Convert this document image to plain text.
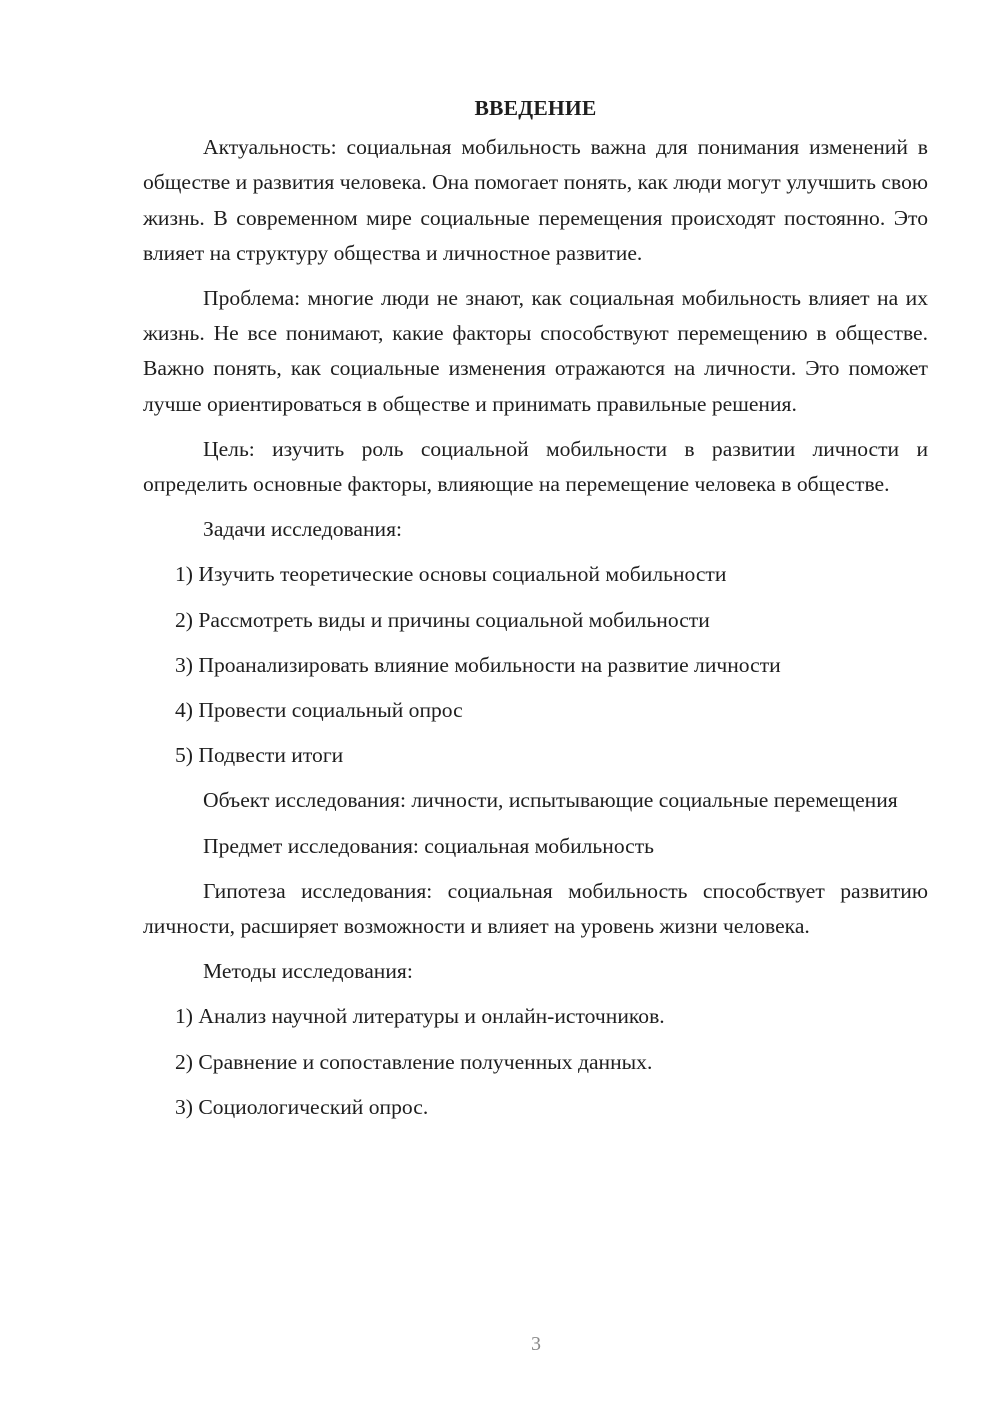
ВВЕДЕНИЕ

Актуальность: социальная мобильность важна для понимания изменений в обществе и развития человека. Она помогает понять, как люди могут улучшить свою жизнь. В современном мире социальные перемещения происходят постоянно. Это влияет на структуру общества и личностное развитие.

Проблема: многие люди не знают, как социальная мобильность влияет на их жизнь. Не все понимают, какие факторы способствуют перемещению в обществе. Важно понять, как социальные изменения отражаются на личности. Это поможет лучше ориентироваться в обществе и принимать правильные решения.

Цель: изучить роль социальной мобильности в развитии личности и определить основные факторы, влияющие на перемещение человека в обществе.

Задачи исследования:

1) Изучить теоретические основы социальной мобильности
2) Рассмотреть виды и причины социальной мобильности
3) Проанализировать влияние мобильности на развитие личности
4) Провести социальный опрос
5) Подвести итоги

Объект исследования: личности, испытывающие социальные перемещения

Предмет исследования: социальная мобильность

Гипотеза исследования: социальная мобильность способствует развитию личности, расширяет возможности и влияет на уровень жизни человека.

Методы исследования:

1) Анализ научной литературы и онлайн-источников.
2) Сравнение и сопоставление полученных данных.
3) Социологический опрос.
3
